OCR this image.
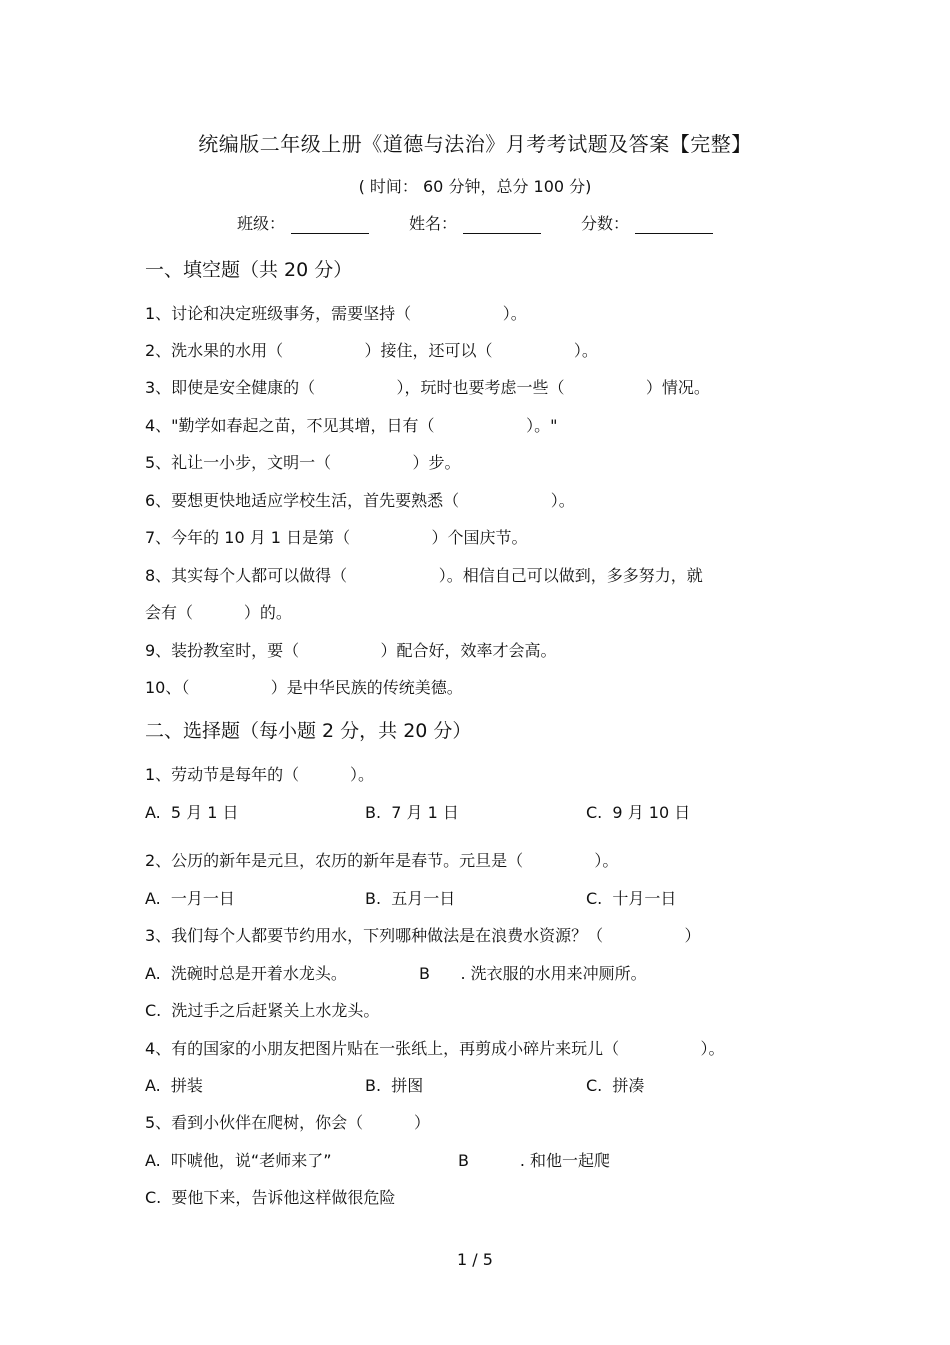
统编版二年级上册《道德与法治》月考考试题及答案【完整】
( 时间： 60 分钟，总分 100 分)
班级：	姓名：	分数：
一、填空题（共 20 分）
1、讨论和决定班级事务，需要坚持（                  ）。
2、洗水果的水用（                ）接住，还可以（                ）。
3、即使是安全健康的（                ），玩时也要考虑一些（                ）情况。
4、"勤学如春起之苗，不见其增，日有（                  ）。"
5、礼让一小步，文明一（                ）步。
6、要想更快地适应学校生活，首先要熟悉（                  ）。
7、今年的 10 月 1 日是第（                ）个国庆节。
8、其实每个人都可以做得（                  ）。相信自己可以做到，多多努力，就
会有（          ）的。
9、装扮教室时，要（                ）配合好，效率才会高。
10、（                ）是中华民族的传统美德。
二、选择题（每小题 2 分，共 20 分）
1、劳动节是每年的（          ）。
A.  5 月 1 日	B.  7 月 1 日	C.  9 月 10 日
2、公历的新年是元旦，农历的新年是春节。元旦是（              ）。
A.  一月一日	B.  五月一日	C.  十月一日
3、我们每个人都要节约用水，下列哪种做法是在浪费水资源？（                ）
A.  洗碗时总是开着水龙头。	B      . 洗衣服的水用来冲厕所。
C.  洗过手之后赶紧关上水龙头。
4、有的国家的小朋友把图片贴在一张纸上，再剪成小碎片来玩儿（                ）。
A.  拼装	B.  拼图	C.  拼凑
5、看到小伙伴在爬树，你会（          ）
A.  吓唬他，说“老师来了”	B          . 和他一起爬
C.  要他下来，告诉他这样做很危险
1 / 5
